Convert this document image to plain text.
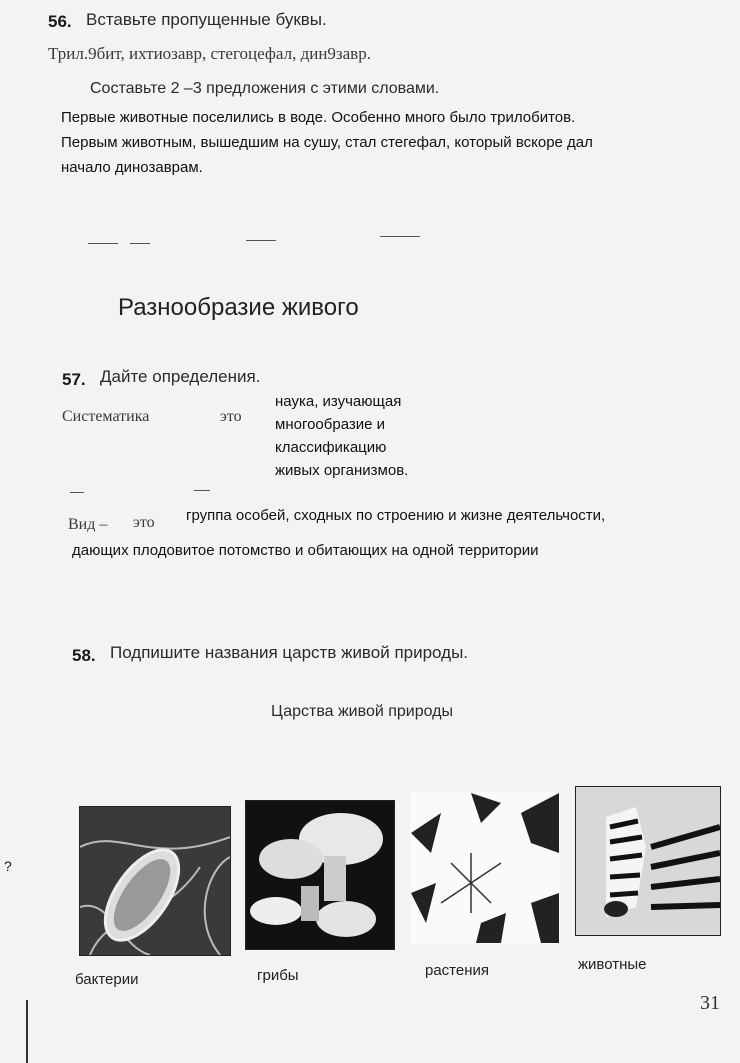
56. Вставьте пропущенные буквы.
Трил.9бит, ихтиозавр, стегоцефал, дин9завр.
Составьте 2 –3 предложения с этими словами.
Первые животные поселились в воде. Особенно много было трилобитов.
Первым животным, вышедшим на сушу, стал стегефал, который вскоре дал
начало динозаврам.
Разнообразие живого
57. Дайте определения.
Систематика	это
наука, изучающая
многообразие и
классификацию
живых организмов.
Вид – это группа особей, сходных по строению и жизне деятельчости,
дающих плодовитое потомство и обитающих на одной территории
58. Подпишите названия царств живой природы.
Царства живой природы
?
бактерии	грибы	растения	животные
31
